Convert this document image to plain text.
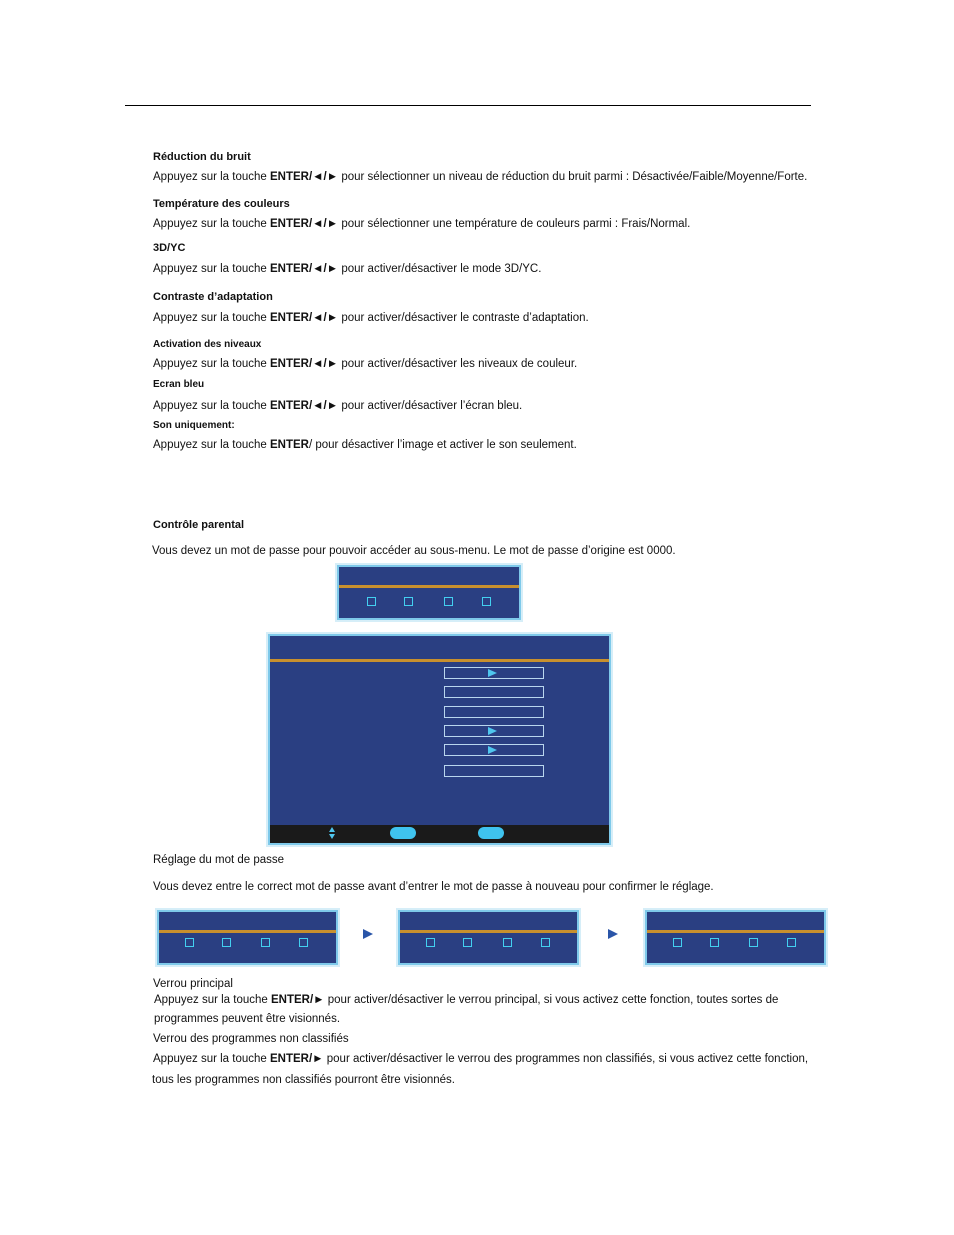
Réduction du bruit
Appuyez sur la touche ENTER/◄/► pour sélectionner un niveau de réduction du bruit parmi : Désactivée/Faible/Moyenne/Forte.
Température des couleurs
Appuyez sur la touche ENTER/◄/► pour sélectionner une température de couleurs parmi : Frais/Normal.
3D/YC
Appuyez sur la touche ENTER/◄/► pour activer/désactiver le mode 3D/YC.
Contraste d’adaptation
Appuyez sur la touche ENTER/◄/► pour activer/désactiver le contraste d’adaptation.
Activation des niveaux
Appuyez sur la touche ENTER/◄/► pour activer/désactiver les niveaux de couleur.
Ecran bleu
Appuyez sur la touche ENTER/◄/► pour activer/désactiver l’écran bleu.
Son uniquement:
Appuyez sur la touche ENTER/ pour désactiver l’image et activer le son seulement.
Contrôle parental
Vous devez un mot de passe pour pouvoir accéder au sous-menu. Le mot de passe d’origine est 0000.
Réglage du mot de passe
Vous devez entre le correct mot de passe avant d’entrer le mot de passe à nouveau pour confirmer le réglage.
Verrou principal
Appuyez sur la touche ENTER/► pour activer/désactiver le verrou principal, si vous activez cette fonction, toutes sortes de
programmes peuvent être visionnés.
Verrou des programmes non classifiés
Appuyez sur la touche ENTER/► pour activer/désactiver le verrou des programmes non classifiés, si vous activez cette fonction,
tous les programmes non classifiés pourront être visionnés.
